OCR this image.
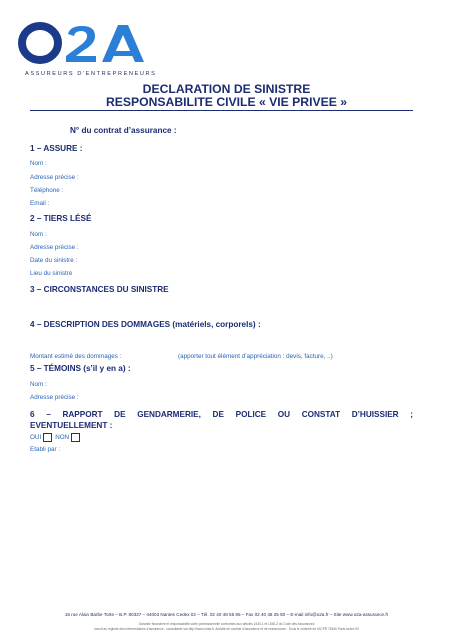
ASSUREURS D'ENTREPRENEURS
DECLARATION DE SINISTRE
RESPONSABILITE CIVILE « VIE PRIVEE »
N° du contrat d’assurance :
1 – ASSURE :
Nom :
Adresse précise :
Téléphone :
Email :
2 – TIERS LÉSÉ
Nom :
Adresse précise :
Date du sinistre :
Lieu du sinistre
3 – CIRCONSTANCES DU SINISTRE
4 – DESCRIPTION DES DOMMAGES (matériels, corporels) :
Montant estimé des dommages :	(apporter tout élément d’appréciation : devis, facture, ..)
5 – TÉMOINS (s’il y en a) :
Nom :
Adresse précise :
6 – RAPPORT DE GENDARMERIE, DE POLICE OU CONSTAT D’HUISSIER ;
EVENTUELLEMENT :
OUI NON
Etabli par :
15 rue Alain Barbe Torte – B.P. 80337 – 44003 Nantes Cedex 02 – Tél. 02 40 48 55 85 – Fax 02 40 48 25 50 – E-mail info@o2a.fr – Site www.o2a-assurance.fr
Garantie financière et responsabilité civile professionnelle conformes aux articles L530-1 et L530-2 du Code des Assurances
Inscrit au registre des intermédiaires d'assurance - consultable sur http://www.orias.fr. Activité de courtier d'assurance et de réassurance - Sous le contrôle de l'ACPR 75436 Paris cedex 09
